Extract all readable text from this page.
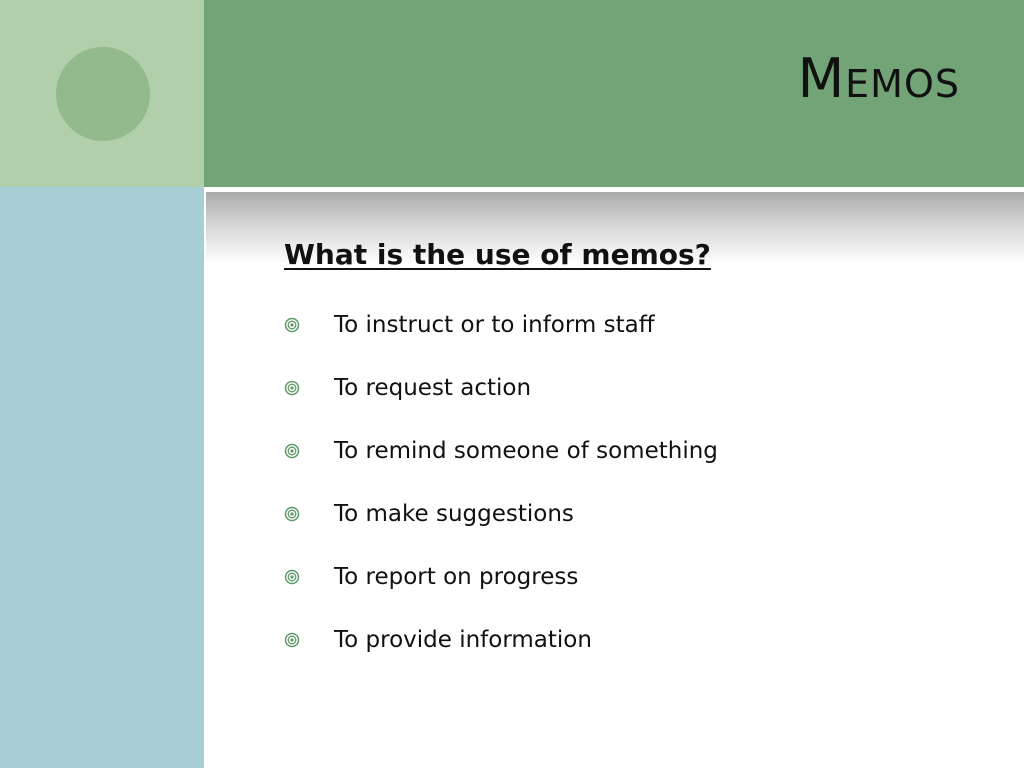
Memos
What is the use of memos?
To instruct or to inform staff
To request action
To remind someone of something
To make suggestions
To report on progress
To provide information
